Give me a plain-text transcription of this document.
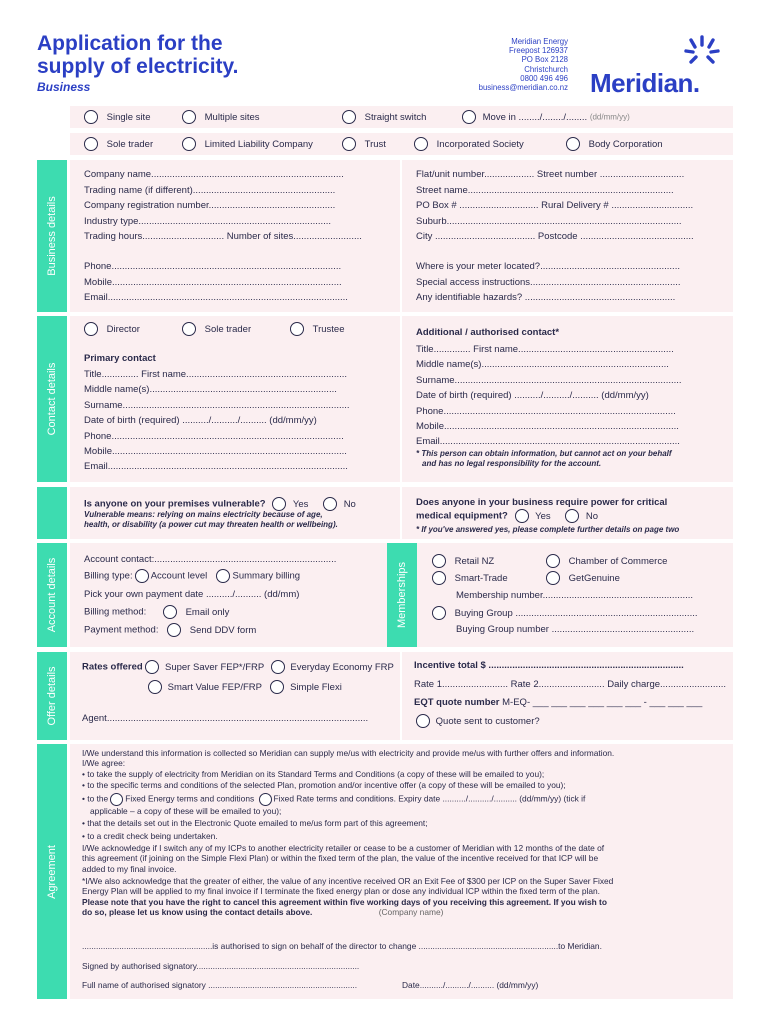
Application for the
supply of electricity.
Business
Meridian Energy
Freepost 126937
PO Box 2128
Christchurch
0800 496 496
business@meridian.co.nz Meridian.
Single site	Multiple sites	Straight switch	Move in ......../......../........ (dd/mm/yy)
Sole trader	Limited Liability Company	Trust	Incorporated Society	Body Corporation
Business details
Company name.........................................................................
Trading name (if different)......................................................
Company registration number................................................
Industry type.........................................................................
Trading hours............................... Number of sites..........................
Phone.......................................................................................
Mobile.......................................................................................
Email...........................................................................................
Flat/unit number................... Street number ................................
Street name..............................................................................
PO Box # .............................. Rural Delivery # ...............................
Suburb.........................................................................................
City ...................................... Postcode ...........................................
Where is your meter located?.....................................................
Special access instructions.........................................................
Any identifiable hazards? .........................................................
Contact details
Director	Sole trader	Trustee
Primary contact
Title.............. First name.............................................................
Middle name(s).......................................................................
Surname......................................................................................
Date of birth (required) ........../........../.......... (dd/mm/yy)
Phone........................................................................................
Mobile.........................................................................................
Email...........................................................................................
Additional / authorised contact*
Title.............. First name...........................................................
Middle name(s).......................................................................
Surname......................................................................................
Date of birth (required) ........../........../.......... (dd/mm/yy)
Phone........................................................................................
Mobile.........................................................................................
Email...........................................................................................
* This person can obtain information, but cannot act on your behalf
and has no legal responsibility for the account.
Is anyone on your premises vulnerable?	Yes	No
Vulnerable means: relying on mains electricity because of age,
health, or disability (a power cut may threaten health or wellbeing).
Does anyone in your business require power for critical
medical equipment?	Yes	No
* If you've answered yes, please complete further details on page two
Account details	Account contact:.....................................................................
Billing type: Account level	Summary billing
Pick your own payment date ........../.......... (dd/mm)
Billing method:	Email only
Payment method:	Send DDV form
Retail NZ	Chamber of Commerce
Smart-Trade	GetGenuine
Membership number.........................................................
Buying Group .....................................................................
Buying Group number ......................................................
Memberships
Offer details	Rates offered Super Saver FEP*/FRP	Everyday Economy FRP
Smart Value FEP/FRP	Simple Flexi
Agent...................................................................................................
Incentive total $ ..........................................................................
Rate 1......................... Rate 2......................... Daily charge.........................
EQT quote number M-EQ- ___ ___ ___ ___ ___ ___ - ___ ___ ___
Quote sent to customer?
Agreement
I/We understand this information is collected so Meridian can supply me/us with electricity and provide me/us with further offers and information.
I/We agree:
• to take the supply of electricity from Meridian on its Standard Terms and Conditions (a copy of these will be emailed to you);
• to the specific terms and conditions of the selected Plan, promotion and/or incentive offer (a copy of these will be emailed to you);
• to the Fixed Energy terms and conditions Fixed Rate terms and conditions. Expiry date ........../........../.......... (dd/mm/yy) (tick if
applicable – a copy of these will be emailed to you);
• that the details set out in the Electronic Quote emailed to me/us form part of this agreement;
• to a credit check being undertaken.
I/We acknowledge if I switch any of my ICPs to another electricity retailer or cease to be a customer of Meridian with 12 months of the date of
this agreement (if joining on the Simple Flexi Plan) or within the fixed term of the plan, the value of the incentive received for that ICP will be
added to my final invoice.
*I/We also acknowledge that the greater of either, the value of any incentive received OR an Exit Fee of $300 per ICP on the Super Saver Fixed
Energy Plan will be applied to my final invoice if I terminate the fixed energy plan or dose any individual ICP within the fixed term of the plan.
Please note that you have the right to cancel this agreement within five working days of you receiving this agreement. If you wish to
do so, please let us know using the contact details above.	(Company name)
........................................................is authorised to sign on behalf of the director to change ............................................................to Meridian.
Signed by authorised signatory......................................................................
Full name of authorised signatory ................................................................	Date........../........../.......... (dd/mm/yy)
